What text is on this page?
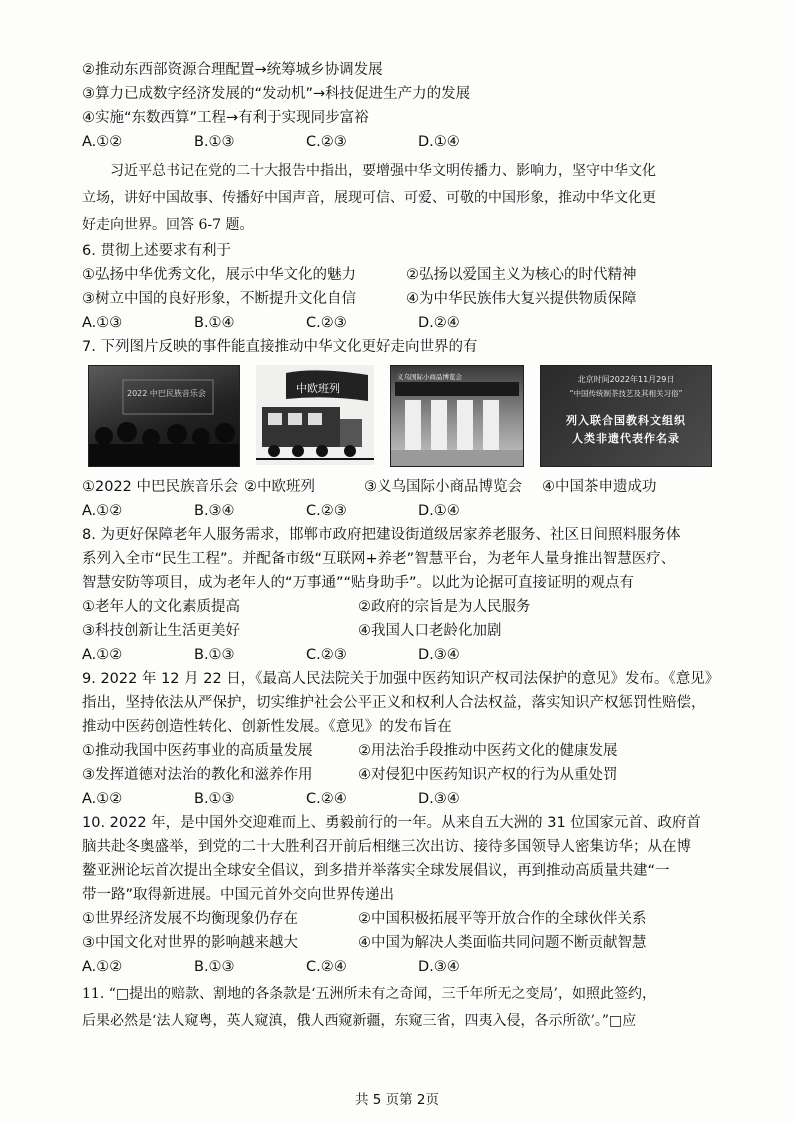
②推动东西部资源合理配置→统筹城乡协调发展
③算力已成数字经济发展的“发动机”→科技促进生产力的发展
④实施“东数西算”工程→有利于实现同步富裕
A.①②	B.①③	C.②③	D.①④
习近平总书记在党的二十大报告中指出，要增强中华文明传播力、影响力，坚守中华文化
立场，讲好中国故事、传播好中国声音，展现可信、可爱、可敬的中国形象，推动中华文化更
好走向世界。回答 6-7 题。
6. 贯彻上述要求有利于
①弘扬中华优秀文化，展示中华文化的魅力	②弘扬以爱国主义为核心的时代精神
③树立中国的良好形象，不断提升文化自信	④为中华民族伟大复兴提供物质保障
A.①③	B.①④	C.②③	D.②④
7. 下列图片反映的事件能直接推动中华文化更好走向世界的有
2022 中巴民族音乐会	中欧班列
义乌国际小商品博览会	北京时间2022年11月29日
“中国传统制茶技艺及其相关习俗”
列入联合国教科文组织
人类非遗代表作名录
①2022 中巴民族音乐会 ②中欧班列	③义乌国际小商品博览会	④中国茶申遗成功
A.①②	B.③④	C.②③	D.①④
8. 为更好保障老年人服务需求，邯郸市政府把建设街道级居家养老服务、社区日间照料服务体
系列入全市“民生工程”。并配备市级“互联网+养老”智慧平台，为老年人量身推出智慧医疗、
智慧安防等项目，成为老年人的“万事通”“贴身助手”。以此为论据可直接证明的观点有
①老年人的文化素质提高	②政府的宗旨是为人民服务
③科技创新让生活更美好	④我国人口老龄化加剧
A.①②	B.①③	C.②③	D.③④
9. 2022 年 12 月 22 日，《最高人民法院关于加强中医药知识产权司法保护的意见》发布。《意见》
指出，坚持依法从严保护，切实维护社会公平正义和权利人合法权益，落实知识产权惩罚性赔偿，
推动中医药创造性转化、创新性发展。《意见》的发布旨在
①推动我国中医药事业的高质量发展	②用法治手段推动中医药文化的健康发展
③发挥道德对法治的教化和滋养作用	④对侵犯中医药知识产权的行为从重处罚
A.①②	B.①③	C.②④	D.③④
10. 2022 年，是中国外交迎难而上、勇毅前行的一年。从来自五大洲的 31 位国家元首、政府首
脑共赴冬奥盛举，到党的二十大胜利召开前后相继三次出访、接待多国领导人密集访华；从在博
鳌亚洲论坛首次提出全球安全倡议，到多措并举落实全球发展倡议，再到推动高质量共建“一
带一路”取得新进展。中国元首外交向世界传递出
①世界经济发展不均衡现象仍存在	②中国积极拓展平等开放合作的全球伙伴关系
③中国文化对世界的影响越来越大	④中国为解决人类面临共同问题不断贡献智慧
A.①②	B.①③	C.②④	D.③④
11. “□提出的赔款、割地的各条款是‘五洲所未有之奇闻，三千年所无之变局’，如照此签约，
后果必然是‘法人窥粤，英人窥滇，俄人西窥新疆，东窥三省，四夷入侵，各示所欲’。”□应
共 5 页第 2页
